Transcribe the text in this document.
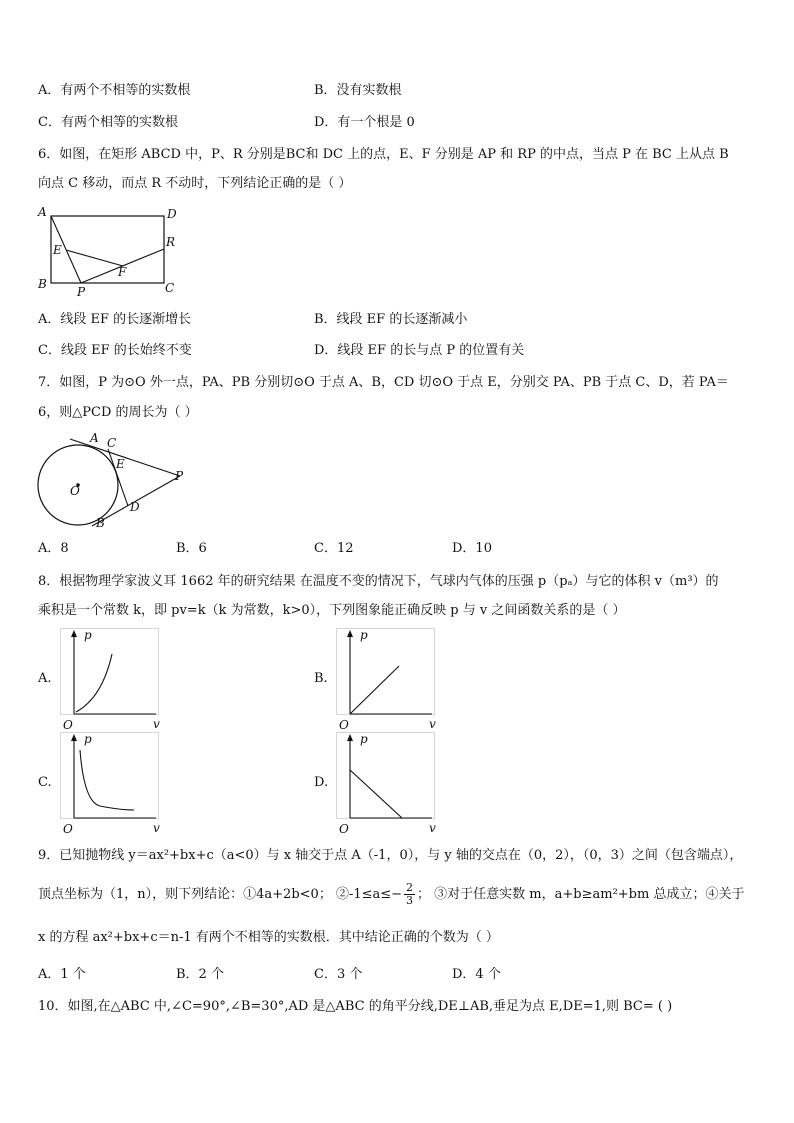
A．有两个不相等的实数根	B．没有实数根
C．有两个相等的实数根	D．有一个根是 0
6．如图，在矩形 ABCD 中，P、R 分别是BC和 DC 上的点，E、F 分别是 AP 和 RP 的中点，当点 P 在 BC 上从点 B
向点 C 移动，而点 R 不动时，下列结论正确的是（ ）
A	D
B	C
E
F
P
R
A．线段 EF 的长逐渐增长	B．线段 EF 的长逐渐减小
C．线段 EF 的长始终不变	D．线段 EF 的长与点 P 的位置有关
7．如图，P 为⊙O 外一点，PA、PB 分别切⊙O 于点 A、B，CD 切⊙O 于点 E，分别交 PA、PB 于点 C、D，若 PA＝
6，则△PCD 的周长为（ ）
A C
E
D
B
O
P
A．8	B．6	C．12	D．10
8．根据物理学家波义耳 1662 年的研究结果 在温度不变的情况下，气球内气体的压强 p（pₐ）与它的体积 v（m³）的
乘积是一个常数 k，即 pv=k（k 为常数，k>0），下列图象能正确反映 p 与 v 之间函数关系的是（ ）
A.	B.
C.	D.
p
v
O
p
v
O
p
v
O
p
v
O
9．已知抛物线 y＝ax²+bx+c（a<0）与 x 轴交于点 A（-1，0），与 y 轴的交点在（0，2），（0，3）之间（包含端点），
顶点坐标为（1，n），则下列结论：①4a+2b<0； ②-1≤a≤− $\frac{2}{3}$ ； ③对于任意实数 m，a+b≥am²+bm 总成立；④关于
x 的方程 ax²+bx+c＝n-1 有两个不相等的实数根．其中结论正确的个数为（ ）
A．1 个	B．2 个	C．3 个	D．4 个
10．如图,在△ABC 中,∠C=90°,∠B=30°,AD 是△ABC 的角平分线,DE⊥AB,垂足为点 E,DE=1,则 BC= ( )
